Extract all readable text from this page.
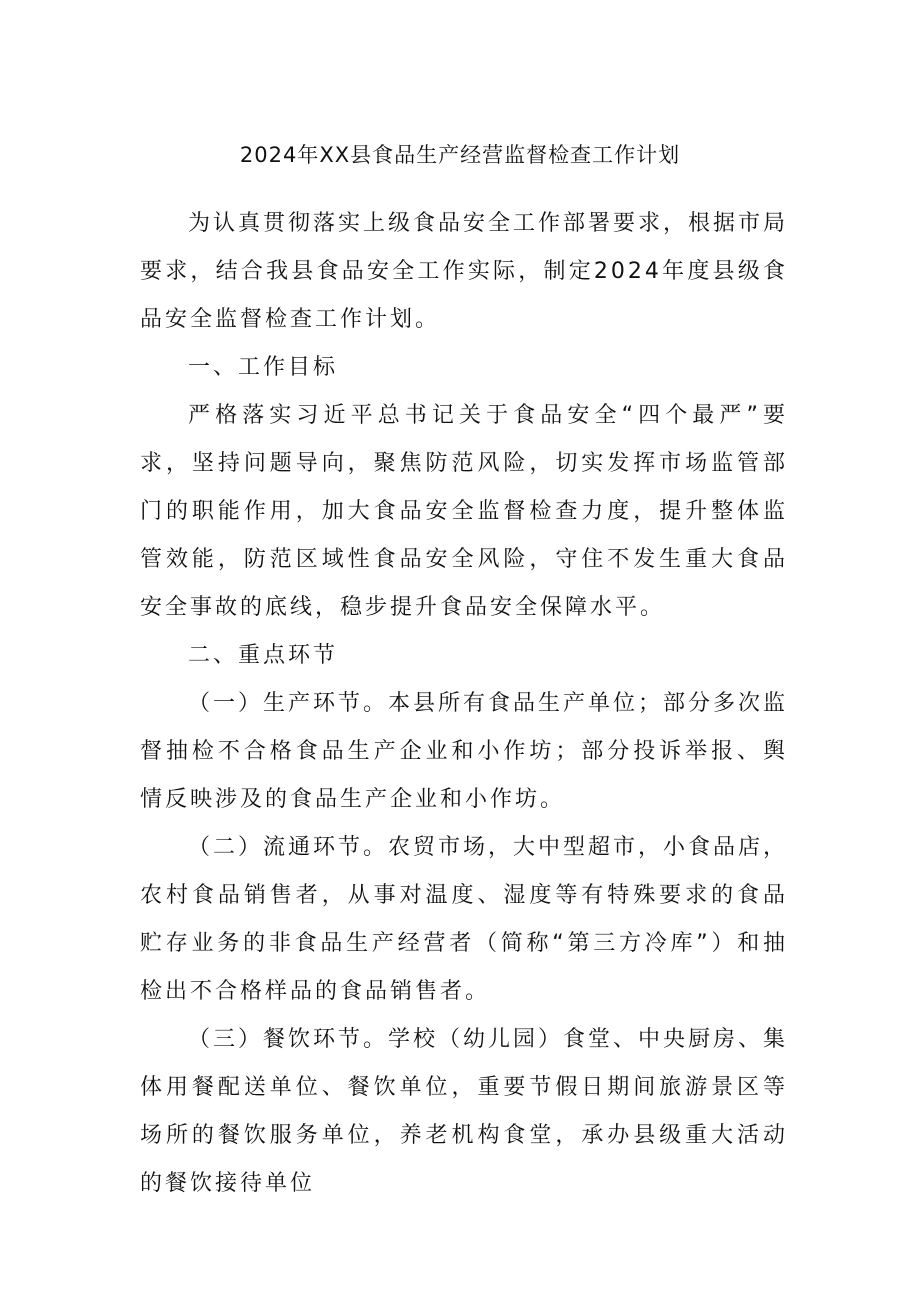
2024年XX县食品生产经营监督检查工作计划

为认真贯彻落实上级食品安全工作部署要求，根据市局要求，结合我县食品安全工作实际，制定2024年度县级食品安全监督检查工作计划。

一、工作目标

严格落实习近平总书记关于食品安全“四个最严”要求，坚持问题导向，聚焦防范风险，切实发挥市场监管部门的职能作用，加大食品安全监督检查力度，提升整体监管效能，防范区域性食品安全风险，守住不发生重大食品安全事故的底线，稳步提升食品安全保障水平。

二、重点环节

（一）生产环节。本县所有食品生产单位；部分多次监督抽检不合格食品生产企业和小作坊；部分投诉举报、舆情反映涉及的食品生产企业和小作坊。

（二）流通环节。农贸市场，大中型超市，小食品店，农村食品销售者，从事对温度、湿度等有特殊要求的食品贮存业务的非食品生产经营者（简称“第三方冷库”）和抽检出不合格样品的食品销售者。

（三）餐饮环节。学校（幼儿园）食堂、中央厨房、集体用餐配送单位、餐饮单位，重要节假日期间旅游景区等场所的餐饮服务单位，养老机构食堂，承办县级重大活动的餐饮接待单位
